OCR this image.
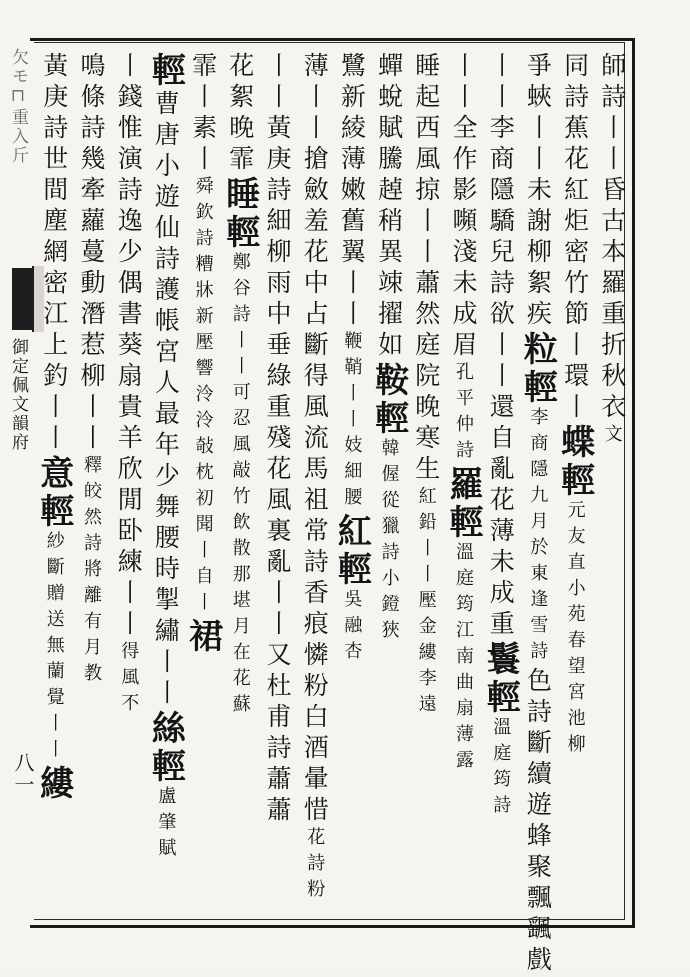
欠モ⊓重入斤
御定佩文韻府
八一
師詩丨丨昏古本羅重折秋衣文
同詩蕉花紅炬密竹節丨環丨蝶輕元友直小苑春望宮池柳
爭蛺丨丨未謝柳絮疾粒輕李商隱九月於東逢雪詩色詩斷續遊蜂聚飄颻戲
丨丨李商隱驕兒詩欲丨丨還自亂花薄未成重鬟輕溫庭筠詩
丨丨全作影嚬淺未成眉孔平仲詩羅輕溫庭筠江南曲扇薄露
睡起西風掠丨丨蕭然庭院晚寒生紅鉛丨丨壓金縷李遠
蟬蛻賦騰趠稍異竦擢如鞍輕韓偓從獵詩小鐙狹
鷺新綾薄嫩舊翼丨丨鞭鞘丨丨妓細腰紅輕吳融杏
薄丨丨搶斂羞花中占斷得風流馬祖常詩香痕憐粉白酒暈惜花詩粉
丨丨黃庚詩細柳雨中垂綠重殘花風裏亂丨丨又杜甫詩蕭蕭
花絮晚霏睡輕鄭谷詩丨丨可忍風敲竹飲散那堪月在花蘇
霏丨素丨舜欽詩糟牀新壓響泠泠敧枕初聞丨自丨裙
輕曹唐小遊仙詩護帳宮人最年少舞腰時掣繡丨丨絲輕盧肇賦
丨錢惟演詩逸少偶書葵扇貴羊欣閒卧練丨丨得風不
鳴條詩幾牽蘿蔓動潛惹柳丨丨釋皎然詩將離有月教
黃庚詩世間塵網密江上釣丨丨意輕紗斷贈送無蘭覺丨丨縷
